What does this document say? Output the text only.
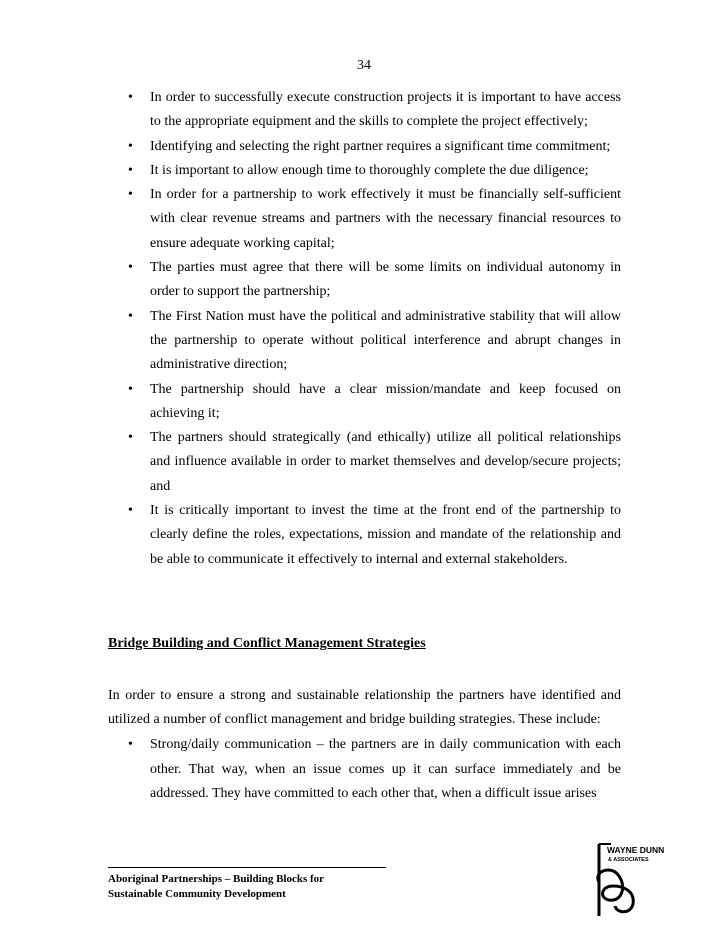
34
• In order to successfully execute construction projects it is important to have access to the appropriate equipment and the skills to complete the project effectively;
• Identifying and selecting the right partner requires a significant time commitment;
• It is important to allow enough time to thoroughly complete the due diligence;
• In order for a partnership to work effectively it must be financially self-sufficient with clear revenue streams and partners with the necessary financial resources to ensure adequate working capital;
• The parties must agree that there will be some limits on individual autonomy in order to support the partnership;
• The First Nation must have the political and administrative stability that will allow the partnership to operate without political interference and abrupt changes in administrative direction;
• The partnership should have a clear mission/mandate and keep focused on achieving it;
• The partners should strategically (and ethically) utilize all political relationships and influence available in order to market themselves and develop/secure projects; and
• It is critically important to invest the time at the front end of the partnership to clearly define the roles, expectations, mission and mandate of the relationship and be able to communicate it effectively to internal and external stakeholders.
Bridge Building and Conflict Management Strategies

In order to ensure a strong and sustainable relationship the partners have identified and utilized a number of conflict management and bridge building strategies. These include:

• Strong/daily communication – the partners are in daily communication with each other. That way, when an issue comes up it can surface immediately and be addressed. They have committed to each other that, when a difficult issue arises
Aboriginal Partnerships – Building Blocks for
Sustainable Community Development
WAYNE DUNN
& ASSOCIATES
